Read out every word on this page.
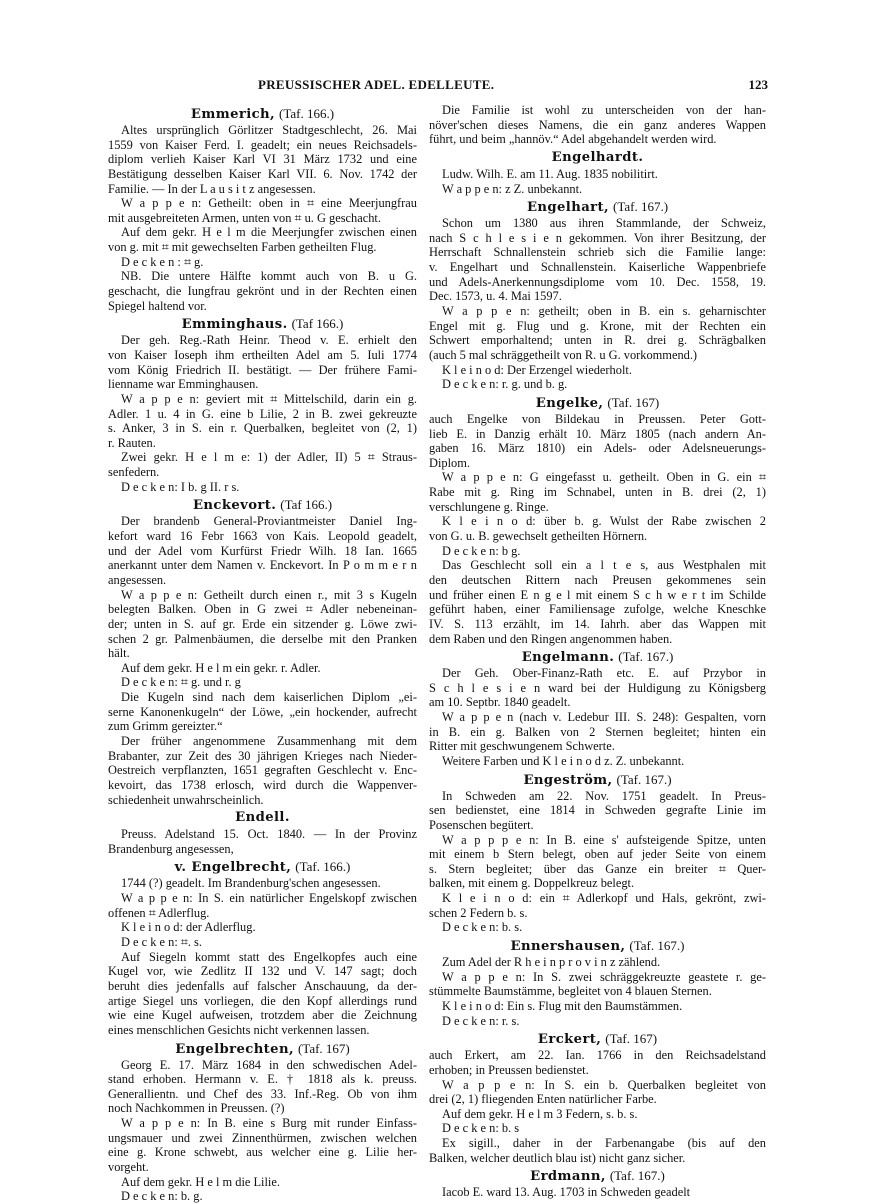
PREUSSISCHER ADEL. EDELLEUTE.	123
Emmerich, (Taf. 166.)
Altes ursprünglich Görlitzer Stadtgeschlecht, 26. Mai
1559 von Kaiser Ferd. I. geadelt; ein neues Reichsadels-
diplom verlieh Kaiser Karl VI 31 März 1732 und eine
Bestätigung desselben Kaiser Karl VII. 6. Nov. 1742 der
Familie. — In der L a u s i t z angesessen.
W a p p e n: Getheilt: oben in ⌗ eine Meerjungfrau
mit ausgebreiteten Armen, unten von ⌗ u. G geschacht.
Auf dem gekr. H e l m die Meerjungfer zwischen einen
von g. mit ⌗ mit gewechselten Farben getheilten Flug.
D e c k e n : ⌗ g.
NB. Die untere Hälfte kommt auch von B. u G.
geschacht, die Iungfrau gekrönt und in der Rechten einen
Spiegel haltend vor.
Emminghaus. (Taf 166.)
Der geh. Reg.-Rath Heinr. Theod v. E. erhielt den
von Kaiser Ioseph ihm ertheilten Adel am 5. Iuli 1774
vom König Friedrich II. bestätigt. — Der frühere Fami-
lienname war Emminghausen.
W a p p e n: geviert mit ⌗ Mittelschild, darin ein g.
Adler. 1 u. 4 in G. eine b Lilie, 2 in B. zwei gekreuzte
s. Anker, 3 in S. ein r. Querbalken, begleitet von (2, 1)
r. Rauten.
Zwei gekr. H e l m e: 1) der Adler, II) 5 ⌗ Straus-
senfedern.
D e c k e n: I b. g II. r s.
Enckevort. (Taf 166.)
Der brandenb General-Proviantmeister Daniel Ing-
kefort ward 16 Febr 1663 von Kais. Leopold geadelt,
und der Adel vom Kurfürst Friedr Wilh. 18 Ian. 1665
anerkannt unter dem Namen v. Enckevort. In P o m m e r n
angesessen.
W a p p e n: Getheilt durch einen r., mit 3 s Kugeln
belegten Balken. Oben in G zwei ⌗ Adler nebeneinan-
der; unten in S. auf gr. Erde ein sitzender g. Löwe zwi-
schen 2 gr. Palmenbäumen, die derselbe mit den Pranken
hält.
Auf dem gekr. H e l m ein gekr. r. Adler.
D e c k e n: ⌗ g. und r. g
Die Kugeln sind nach dem kaiserlichen Diplom „ei-
serne Kanonenkugeln“ der Löwe, „ein hockender, aufrecht
zum Grimm gereizter.“
Der früher angenommene Zusammenhang mit dem
Brabanter, zur Zeit des 30 jährigen Krieges nach Nieder-
Oestreich verpflanzten, 1651 gegraften Geschlecht v. Enc-
kevoirt, das 1738 erlosch, wird durch die Wappenver-
schiedenheit unwahrscheinlich.
Endell.
Preuss. Adelstand 15. Oct. 1840. — In der Provinz
Brandenburg angesessen,
v. Engelbrecht, (Taf. 166.)
1744 (?) geadelt. Im Brandenburg'schen angesessen.
W a p p e n: In S. ein natürlicher Engelskopf zwischen
offenen ⌗ Adlerflug.
K l e i n o d: der Adlerflug.
D e c k e n: ⌗. s.
Auf Siegeln kommt statt des Engelkopfes auch eine
Kugel vor, wie Zedlitz II 132 und V. 147 sagt; doch
beruht dies jedenfalls auf falscher Anschauung, da der-
artige Siegel uns vorliegen, die den Kopf allerdings rund
wie eine Kugel aufweisen, trotzdem aber die Zeichnung
eines menschlichen Gesichts nicht verkennen lassen.
Engelbrechten, (Taf. 167)
Georg E. 17. März 1684 in den schwedischen Adel-
stand erhoben. Hermann v. E. † 1818 als k. preuss.
Generallientn. und Chef des 33. Inf.-Reg. Ob von ihm
noch Nachkommen in Preussen. (?)
W a p p e n: In B. eine s Burg mit runder Einfass-
ungsmauer und zwei Zinnenthürmen, zwischen welchen
eine g. Krone schwebt, aus welcher eine g. Lilie her-
vorgeht.
Auf dem gekr. H e l m die Lilie.
D e c k e n: b. g.
Die Familie ist wohl zu unterscheiden von der han-
növer'schen dieses Namens, die ein ganz anderes Wappen
führt, und beim „hannöv.“ Adel abgehandelt werden wird.
Engelhardt.
Ludw. Wilh. E. am 11. Aug. 1835 nobilitirt.
W a p p e n: z Z. unbekannt.
Engelhart, (Taf. 167.)
Schon um 1380 aus ihren Stammlande, der Schweiz,
nach S c h l e s i e n gekommen. Von ihrer Besitzung, der
Herrschaft Schnallenstein schrieb sich die Familie lange:
v. Engelhart und Schnallenstein. Kaiserliche Wappenbriefe
und Adels-Anerkennungsdiplome vom 10. Dec. 1558, 19.
Dec. 1573, u. 4. Mai 1597.
W a p p e n: getheilt; oben in B. ein s. geharnischter
Engel mit g. Flug und g. Krone, mit der Rechten ein
Schwert emporhaltend; unten in R. drei g. Schrägbalken
(auch 5 mal schräggetheilt von R. u G. vorkommend.)
K l e i n o d: Der Erzengel wiederholt.
D e c k e n: r. g. und b. g.
Engelke, (Taf. 167)
auch Engelke von Bildekau in Preussen. Peter Gott-
lieb E. in Danzig erhält 10. März 1805 (nach andern An-
gaben 16. März 1810) ein Adels- oder Adelsneuerungs-
Diplom.
W a p p e n: G eingefasst u. getheilt. Oben in G. ein ⌗
Rabe mit g. Ring im Schnabel, unten in B. drei (2, 1)
verschlungene g. Ringe.
K l e i n o d: über b. g. Wulst der Rabe zwischen 2
von G. u. B. gewechselt getheilten Hörnern.
D e c k e n: b g.
Das Geschlecht soll ein a l t e s, aus Westphalen mit
den deutschen Rittern nach Preusen gekommenes sein
und früher einen E n g e l mit einem S c h w e r t im Schilde
geführt haben, einer Familiensage zufolge, welche Kneschke
IV. S. 113 erzählt, im 14. Iahrh. aber das Wappen mit
dem Raben und den Ringen angenommen haben.
Engelmann. (Taf. 167.)
Der Geh. Ober-Finanz-Rath etc. E. auf Przybor in
S c h l e s i e n ward bei der Huldigung zu Königsberg
am 10. Septbr. 1840 geadelt.
W a p p e n (nach v. Ledebur III. S. 248): Gespalten, vorn
in B. ein g. Balken von 2 Sternen begleitet; hinten ein
Ritter mit geschwungenem Schwerte.
Weitere Farben und K l e i n o d z. Z. unbekannt.
Engeström, (Taf. 167.)
In Schweden am 22. Nov. 1751 geadelt. In Preus-
sen bedienstet, eine 1814 in Schweden gegrafte Linie im
Posenschen begütert.
W a p p p e n: In B. eine s' aufsteigende Spitze, unten
mit einem b Stern belegt, oben auf jeder Seite von einem
s. Stern begleitet; über das Ganze ein breiter ⌗ Quer-
balken, mit einem g. Doppelkreuz belegt.
K l e i n o d: ein ⌗ Adlerkopf und Hals, gekrönt, zwi-
schen 2 Federn b. s.
D e c k e n: b. s.
Ennershausen, (Taf. 167.)
Zum Adel der R h e i n p r o v i n z zählend.
W a p p e n: In S. zwei schräggekreuzte geastete r. ge-
stümmelte Baumstämme, begleitet von 4 blauen Sternen.
K l e i n o d: Ein s. Flug mit den Baumstämmen.
D e c k e n: r. s.
Erckert, (Taf. 167)
auch Erkert, am 22. Ian. 1766 in den Reichsadelstand
erhoben; in Preussen bedienstet.
W a p p e n: In S. ein b. Querbalken begleitet von
drei (2, 1) fliegenden Enten natürlicher Farbe.
Auf dem gekr. H e l m 3 Federn, s. b. s.
D e c k e n: b. s
Ex sigill., daher in der Farbenangabe (bis auf den
Balken, welcher deutlich blau ist) nicht ganz sicher.
Erdmann, (Taf. 167.)
Iacob E. ward 13. Aug. 1703 in Schweden geadelt
